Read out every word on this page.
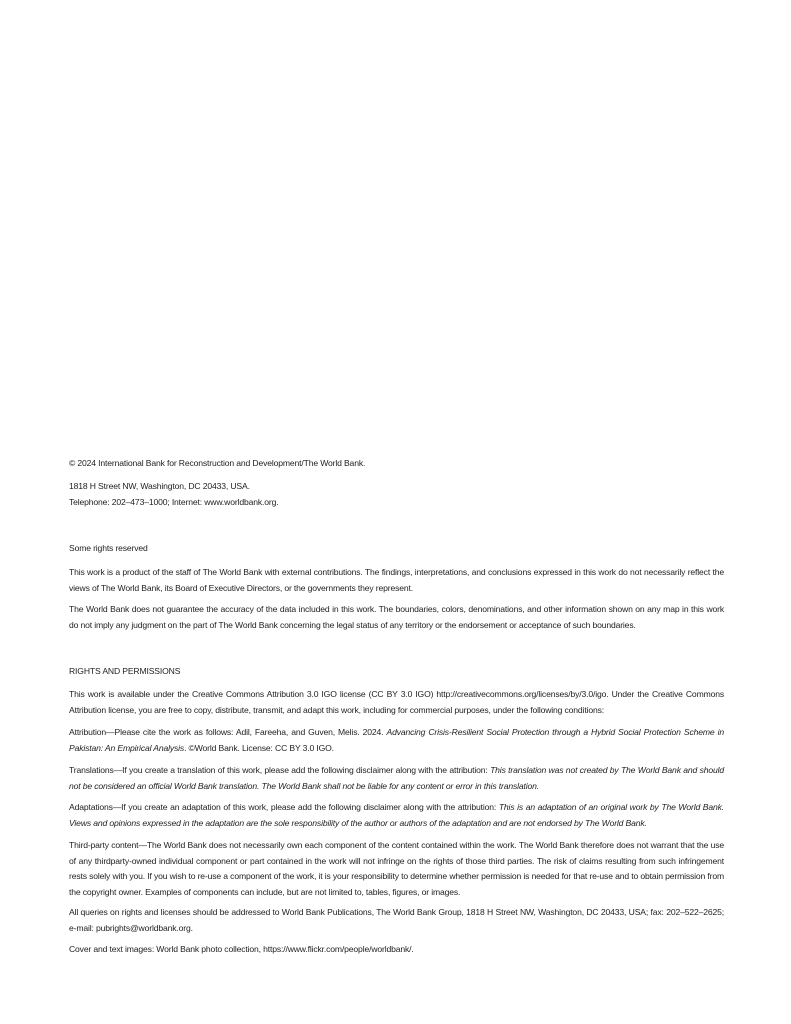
© 2024 International Bank for Reconstruction and Development/The World Bank.

1818 H Street NW, Washington, DC 20433, USA.
Telephone: 202–473–1000; Internet: www.worldbank.org.

Some rights reserved

This work is a product of the staff of The World Bank with external contributions. The findings, interpretations, and conclusions expressed in this work do not necessarily reflect the views of The World Bank, its Board of Executive Directors, or the governments they represent.

The World Bank does not guarantee the accuracy of the data included in this work. The boundaries, colors, denominations, and other information shown on any map in this work do not imply any judgment on the part of The World Bank concerning the legal status of any territory or the endorsement or acceptance of such boundaries.

RIGHTS AND PERMISSIONS

This work is available under the Creative Commons Attribution 3.0 IGO license (CC BY 3.0 IGO) http://creativecommons.org/licenses/by/3.0/igo. Under the Creative Commons Attribution license, you are free to copy, distribute, transmit, and adapt this work, including for commercial purposes, under the following conditions:

Attribution—Please cite the work as follows: Adil, Fareeha, and Guven, Melis. 2024. Advancing Crisis-Resilient Social Protection through a Hybrid Social Protection Scheme in Pakistan: An Empirical Analysis. ©World Bank. License: CC BY 3.0 IGO.

Translations—If you create a translation of this work, please add the following disclaimer along with the attribution: This translation was not created by The World Bank and should not be considered an official World Bank translation. The World Bank shall not be liable for any content or error in this translation.

Adaptations—If you create an adaptation of this work, please add the following disclaimer along with the attribution: This is an adaptation of an original work by The World Bank. Views and opinions expressed in the adaptation are the sole responsibility of the author or authors of the adaptation and are not endorsed by The World Bank.

Third-party content—The World Bank does not necessarily own each component of the content contained within the work. The World Bank therefore does not warrant that the use of any thirdparty-owned individual component or part contained in the work will not infringe on the rights of those third parties. The risk of claims resulting from such infringement rests solely with you. If you wish to re-use a component of the work, it is your responsibility to determine whether permission is needed for that re-use and to obtain permission from the copyright owner. Examples of components can include, but are not limited to, tables, figures, or images.

All queries on rights and licenses should be addressed to World Bank Publications, The World Bank Group, 1818 H Street NW, Washington, DC 20433, USA; fax: 202–522–2625; e-mail: pubrights@worldbank.org.

Cover and text images: World Bank photo collection, https://www.flickr.com/people/worldbank/.
